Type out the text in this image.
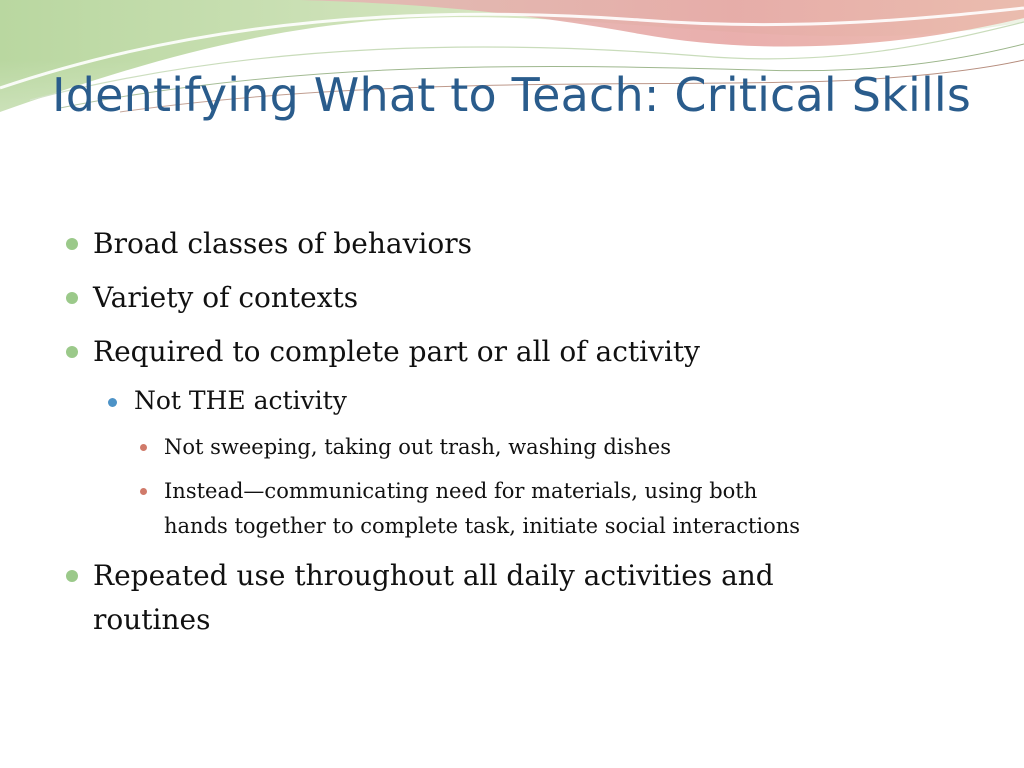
Identifying What to Teach: Critical Skills

Broad classes of behaviors

Variety of contexts

Required to complete part or all of activity

Not THE activity

Not sweeping, taking out trash, washing dishes

Instead—communicating need for materials, using both

hands together to complete task, initiate social interactions

Repeated use throughout all daily activities and

routines
